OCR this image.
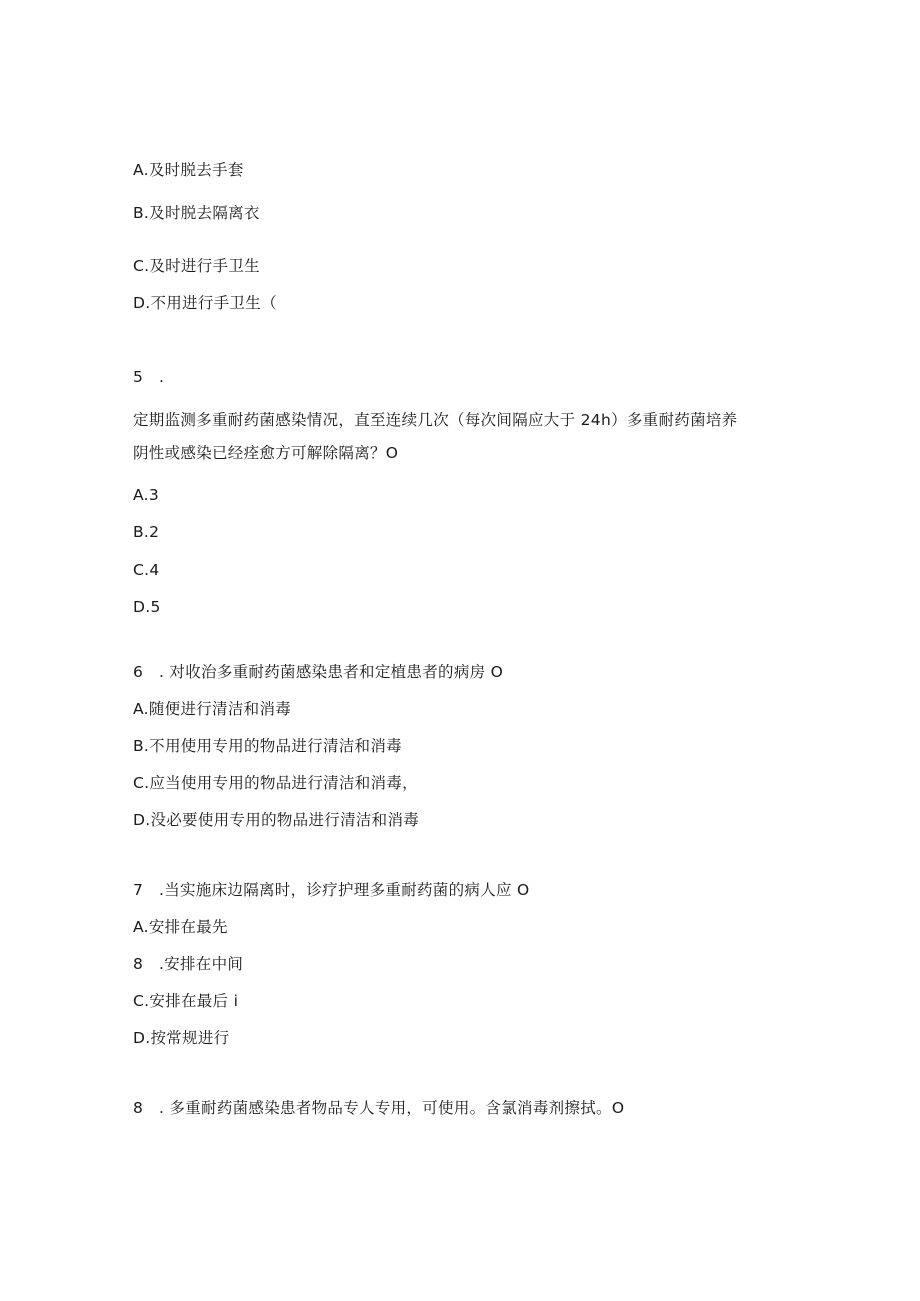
A.及时脱去手套
B.及时脱去隔离衣
C.及时进行手卫生
D.不用进行手卫生（
5　.
定期监测多重耐药菌感染情况，直至连续几次（每次间隔应大于 24h）多重耐药菌培养
阴性或感染已经痊愈方可解除隔离？O
A.3
B.2
C.4
D.5
6　. 对收治多重耐药菌感染患者和定植患者的病房 O
A.随便进行清洁和消毒
B.不用使用专用的物品进行清洁和消毒
C.应当使用专用的物品进行清洁和消毒，
D.没必要使用专用的物品进行清洁和消毒
7　.当实施床边隔离时，诊疗护理多重耐药菌的病人应 O
A.安排在最先
8　.安排在中间
C.安排在最后 i
D.按常规进行
8　. 多重耐药菌感染患者物品专人专用，可使用。含氯消毒剂擦拭。O
